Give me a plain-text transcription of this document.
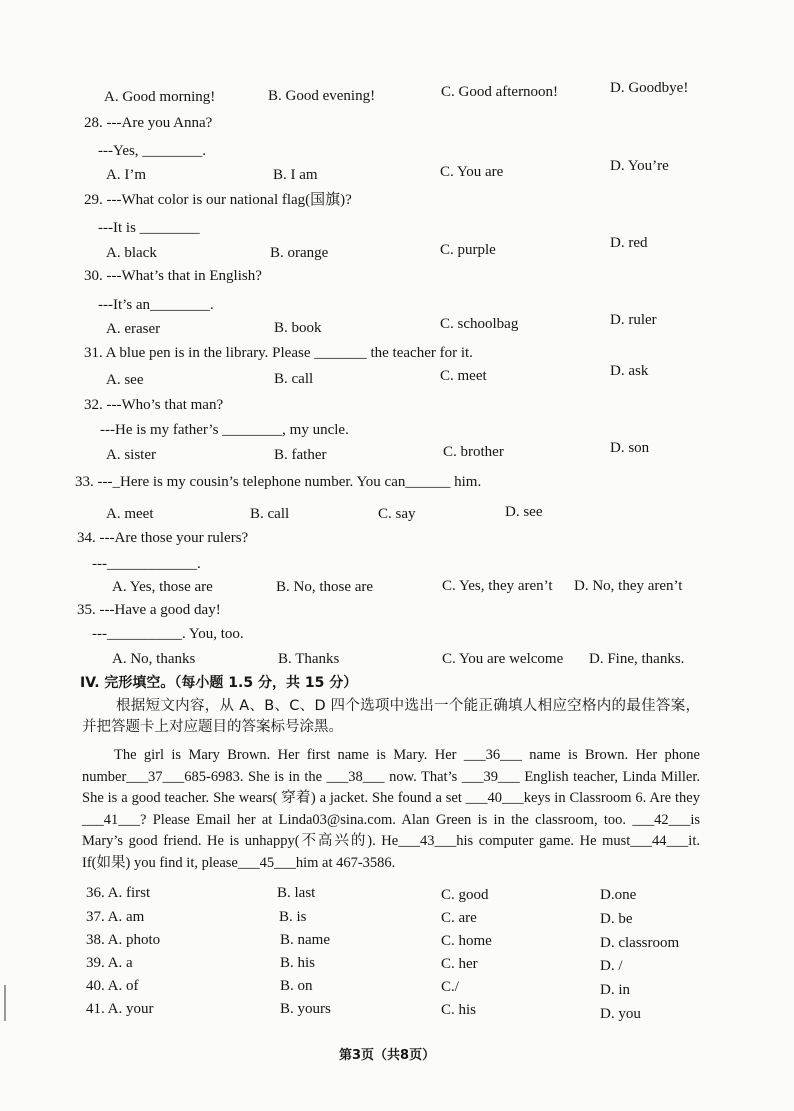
A. Good morning!	B. Good evening!	C. Good afternoon!	D. Goodbye!
28. ---Are you Anna?
---Yes, ________.
A. I’m	B. I am	C. You are	D. You’re
29. ---What color is our national flag(国旗)?
---It is ________
A. black	B. orange	C. purple	D. red
30. ---What’s that in English?
---It’s an________.
A. eraser	B. book	C. schoolbag	D. ruler
31. A blue pen is in the library. Please _______ the teacher for it.
A. see	B. call	C. meet	D. ask
32. ---Who’s that man?
---He is my father’s ________, my uncle.
A. sister	B. father	C. brother	D. son
33. ---_Here is my cousin’s telephone number. You can______ him.
A. meet	B. call	C. say	D. see
34. ---Are those your rulers?
---____________.
A. Yes, those are	B. No, those are	C. Yes, they aren’t D. No, they aren’t
35. ---Have a good day!
---__________. You, too.
A. No, thanks	B. Thanks	C. You are welcome D. Fine, thanks.
IV. 完形填空。（每小题 1.5 分，共 15 分）
根据短文内容，从 A、B、C、D 四个选项中选出一个能正确填人相应空格内的最佳答案，并把答题卡上对应题目的答案标号涂黑。
The girl is Mary Brown. Her first name is Mary. Her ___36___ name is Brown. Her phone number___37___685-6983. She is in the ___38___ now. That’s ___39___ English teacher, Linda Miller. She is a good teacher. She wears( 穿着) a jacket. She found a set ___40___keys in Classroom 6. Are they ___41___? Please Email her at Linda03@sina.com. Alan Green is in the classroom, too. ___42___is Mary’s good friend. He is unhappy(不高兴的). He___43___his computer game. He must___44___it. If(如果) you find it, please___45___him at 467-3586.
36. A. first	B. last	C. good	D.one
37. A. am	B. is	C. are	D. be
38. A. photo	B. name	C. home	D. classroom
39. A. a	B. his	C. her	D. /
40. A. of	B. on	C./	D. in
41. A. your	B. yours	C. his	D. you
第3页（共8页）
